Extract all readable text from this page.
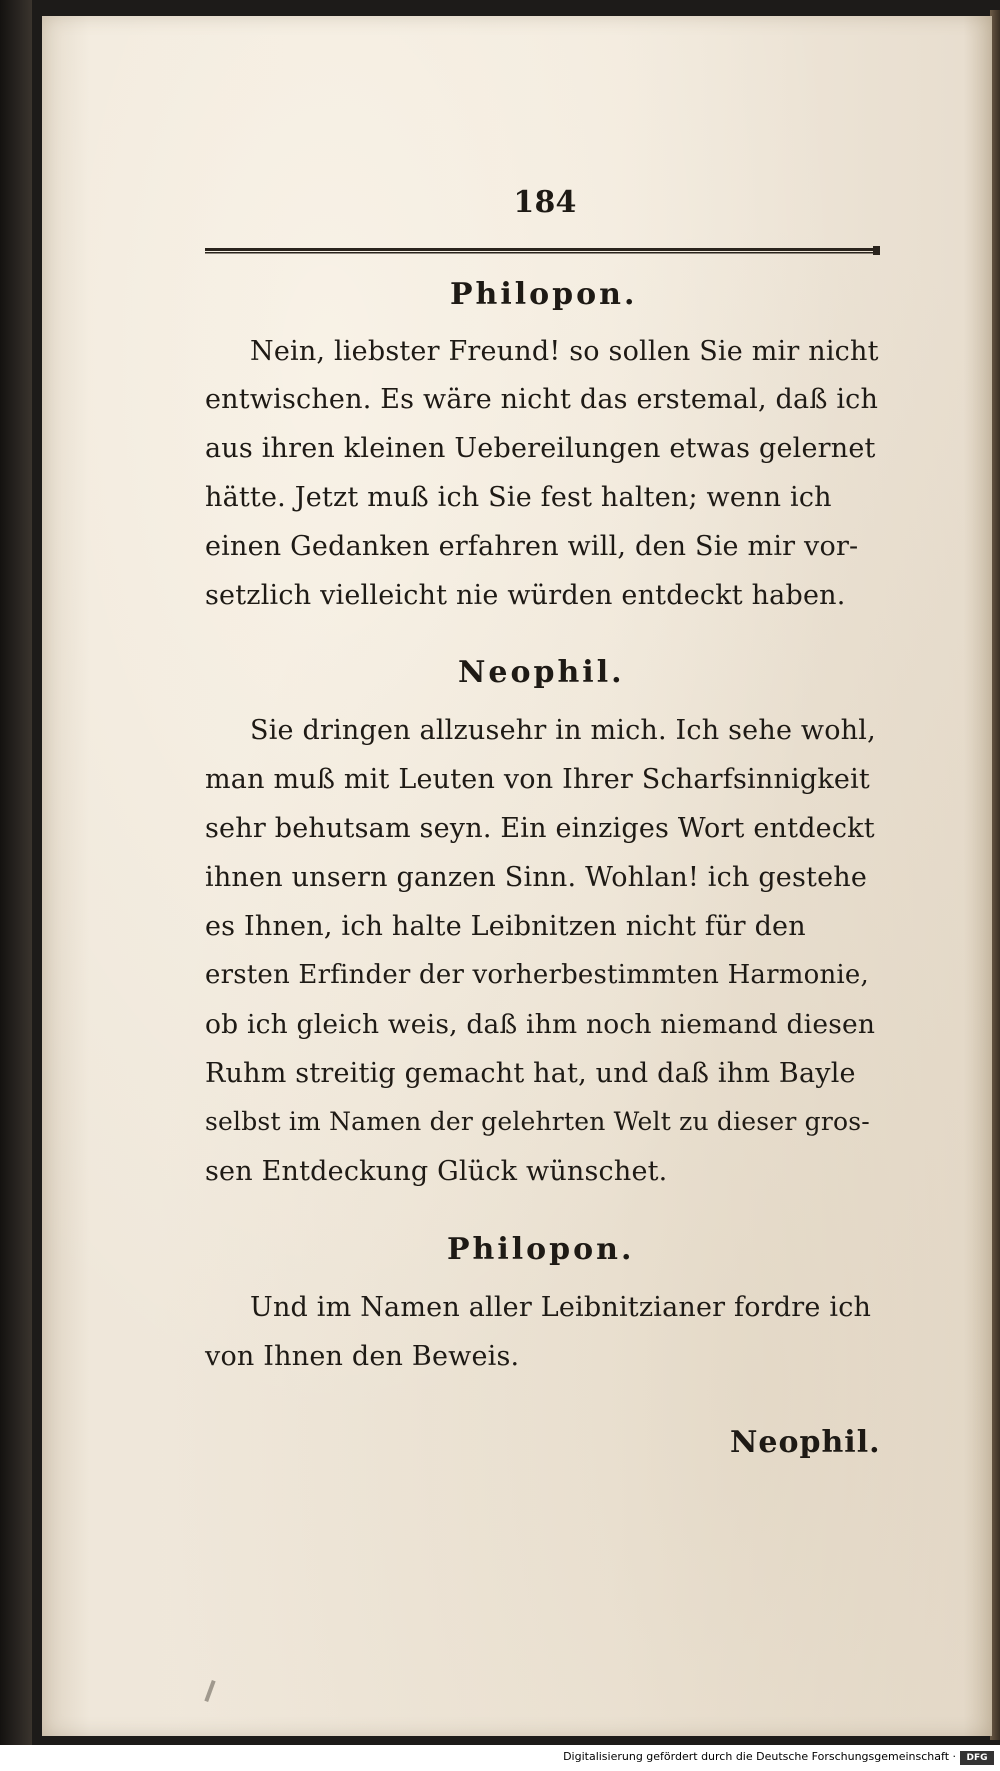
184
Philopon.
Nein, liebster Freund! so sollen Sie mir nicht
entwischen. Es wäre nicht das erstemal, daß ich
aus ihren kleinen Uebereilungen etwas gelernet
hätte. Jetzt muß ich Sie fest halten; wenn ich
einen Gedanken erfahren will, den Sie mir vor-
setzlich vielleicht nie würden entdeckt haben.
Neophil.
Sie dringen allzusehr in mich. Ich sehe wohl,
man muß mit Leuten von Ihrer Scharfsinnigkeit
sehr behutsam seyn. Ein einziges Wort entdeckt
ihnen unsern ganzen Sinn. Wohlan! ich gestehe
es Ihnen, ich halte Leibnitzen nicht für den
ersten Erfinder der vorherbestimmten Harmonie,
ob ich gleich weis, daß ihm noch niemand diesen
Ruhm streitig gemacht hat, und daß ihm Bayle
selbst im Namen der gelehrten Welt zu dieser gros-
sen Entdeckung Glück wünschet.
Philopon.
Und im Namen aller Leibnitzianer fordre ich
von Ihnen den Beweis.
Neophil.
Digitalisierung gefördert durch die Deutsche Forschungsgemeinschaft ·	DFG
